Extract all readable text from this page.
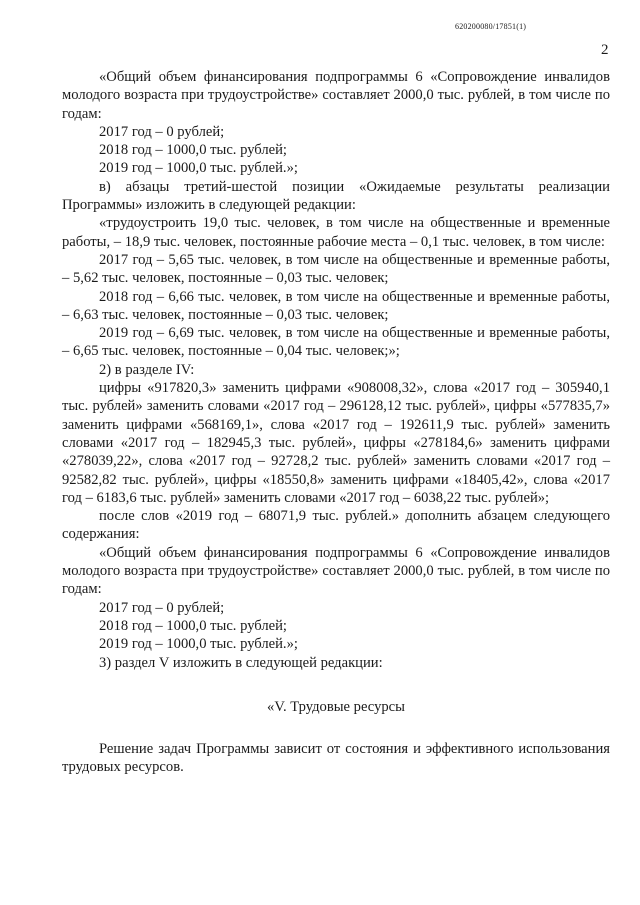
620200080/17851(1)
2

«Общий объем финансирования подпрограммы 6 «Сопровождение инвалидов молодого возраста при трудоустройстве» составляет 2000,0 тыс. рублей, в том числе по годам:

2017 год – 0 рублей;

2018 год – 1000,0 тыс. рублей;

2019 год – 1000,0 тыс. рублей.»;

в) абзацы третий-шестой позиции «Ожидаемые результаты реализации Программы» изложить в следующей редакции:

«трудоустроить 19,0 тыс. человек, в том числе на общественные и временные работы, – 18,9 тыс. человек, постоянные рабочие места – 0,1 тыс. человек, в том числе:

2017 год – 5,65 тыс. человек, в том числе на общественные и временные работы, – 5,62 тыс. человек, постоянные – 0,03 тыс. человек;

2018 год – 6,66 тыс. человек, в том числе на общественные и временные работы, – 6,63 тыс. человек, постоянные – 0,03 тыс. человек;

2019 год – 6,69 тыс. человек, в том числе на общественные и временные работы, – 6,65 тыс. человек, постоянные – 0,04 тыс. человек;»;

2) в разделе IV:

цифры «917820,3» заменить цифрами «908008,32», слова «2017 год – 305940,1 тыс. рублей» заменить словами «2017 год – 296128,12 тыс. рублей», цифры «577835,7» заменить цифрами «568169,1», слова «2017 год – 192611,9 тыс. рублей» заменить словами «2017 год – 182945,3 тыс. рублей», цифры «278184,6» заменить цифрами «278039,22», слова «2017 год – 92728,2 тыс. рублей» заменить словами «2017 год – 92582,82 тыс. рублей», цифры «18550,8» заменить цифрами «18405,42», слова «2017 год – 6183,6 тыс. рублей» заменить словами «2017 год – 6038,22 тыс. рублей»;

после слов «2019 год – 68071,9 тыс. рублей.» дополнить абзацем следующего содержания:

«Общий объем финансирования подпрограммы 6 «Сопровождение инвалидов молодого возраста при трудоустройстве» составляет 2000,0 тыс. рублей, в том числе по годам:

2017 год – 0 рублей;

2018 год – 1000,0 тыс. рублей;

2019 год – 1000,0 тыс. рублей.»;

3) раздел V изложить в следующей редакции:

«V. Трудовые ресурсы

Решение задач Программы зависит от состояния и эффективного использования трудовых ресурсов.
